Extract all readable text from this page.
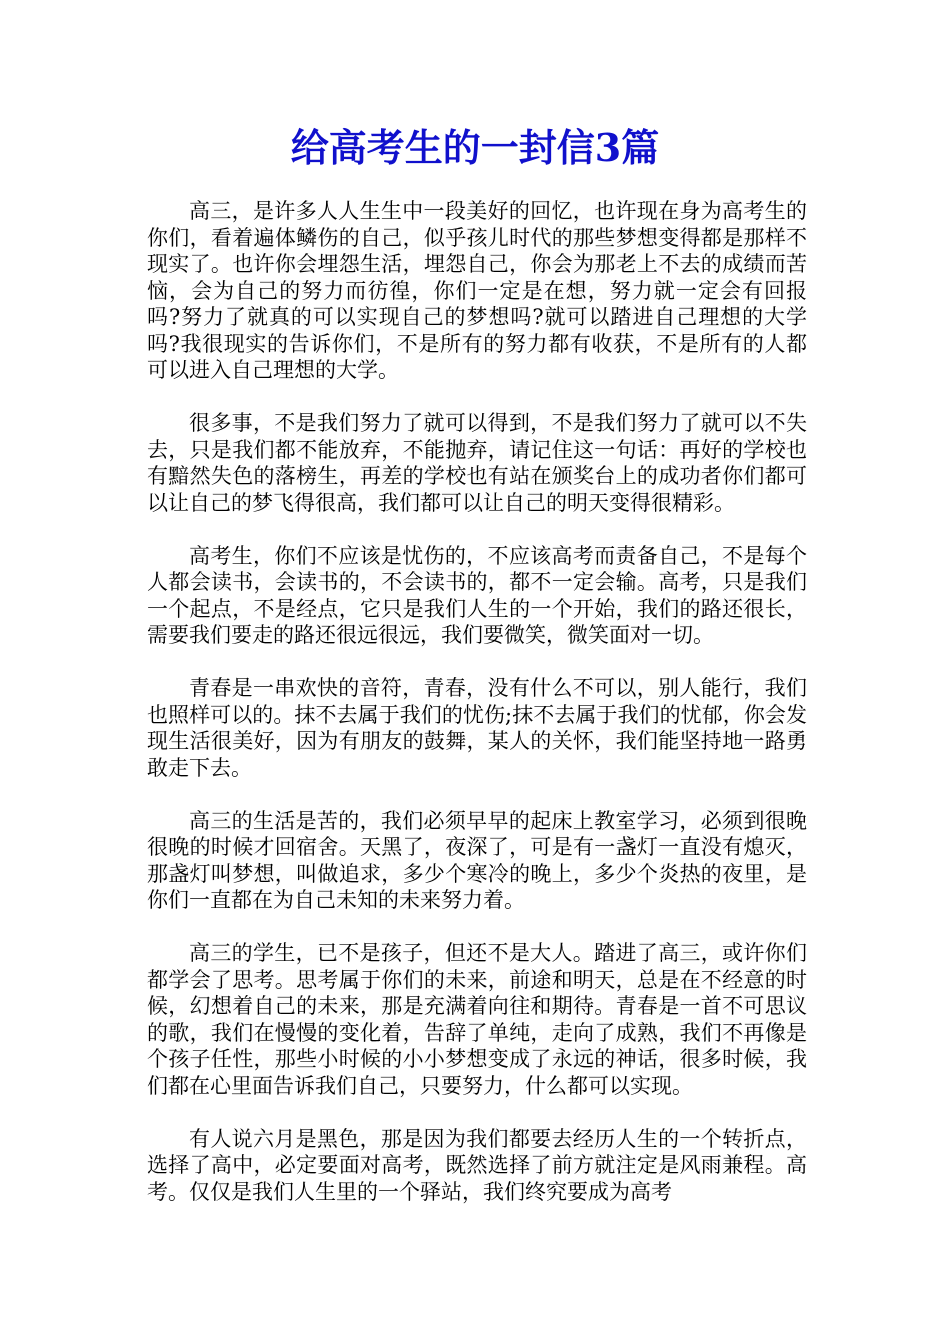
给高考生的一封信3篇

高三，是许多人人生生中一段美好的回忆，也许现在身为高考生的你们，看着遍体鳞伤的自己，似乎孩儿时代的那些梦想变得都是那样不现实了。也许你会埋怨生活，埋怨自己，你会为那老上不去的成绩而苦恼，会为自己的努力而彷徨，你们一定是在想，努力就一定会有回报吗?努力了就真的可以实现自己的梦想吗?就可以踏进自己理想的大学吗?我很现实的告诉你们，不是所有的努力都有收获，不是所有的人都可以进入自己理想的大学。

很多事，不是我们努力了就可以得到，不是我们努力了就可以不失去，只是我们都不能放弃，不能抛弃，请记住这一句话：再好的学校也有黯然失色的落榜生，再差的学校也有站在颁奖台上的成功者你们都可以让自己的梦飞得很高，我们都可以让自己的明天变得很精彩。

高考生，你们不应该是忧伤的，不应该高考而责备自己，不是每个人都会读书，会读书的，不会读书的，都不一定会输。高考，只是我们一个起点，不是经点，它只是我们人生的一个开始，我们的路还很长，需要我们要走的路还很远很远，我们要微笑，微笑面对一切。

青春是一串欢快的音符，青春，没有什么不可以，别人能行，我们也照样可以的。抹不去属于我们的忧伤;抹不去属于我们的忧郁，你会发现生活很美好，因为有朋友的鼓舞，某人的关怀，我们能坚持地一路勇敢走下去。

高三的生活是苦的，我们必须早早的起床上教室学习，必须到很晚很晚的时候才回宿舍。天黑了，夜深了，可是有一盏灯一直没有熄灭，那盏灯叫梦想，叫做追求，多少个寒冷的晚上，多少个炎热的夜里，是你们一直都在为自己未知的未来努力着。

高三的学生，已不是孩子，但还不是大人。踏进了高三，或许你们都学会了思考。思考属于你们的未来，前途和明天，总是在不经意的时候，幻想着自己的未来，那是充满着向往和期待。青春是一首不可思议的歌，我们在慢慢的变化着，告辞了单纯，走向了成熟，我们不再像是个孩子任性，那些小时候的小小梦想变成了永远的神话，很多时候，我们都在心里面告诉我们自己，只要努力，什么都可以实现。

有人说六月是黑色，那是因为我们都要去经历人生的一个转折点，选择了高中，必定要面对高考，既然选择了前方就注定是风雨兼程。高考。仅仅是我们人生里的一个驿站，我们终究要成为高考
